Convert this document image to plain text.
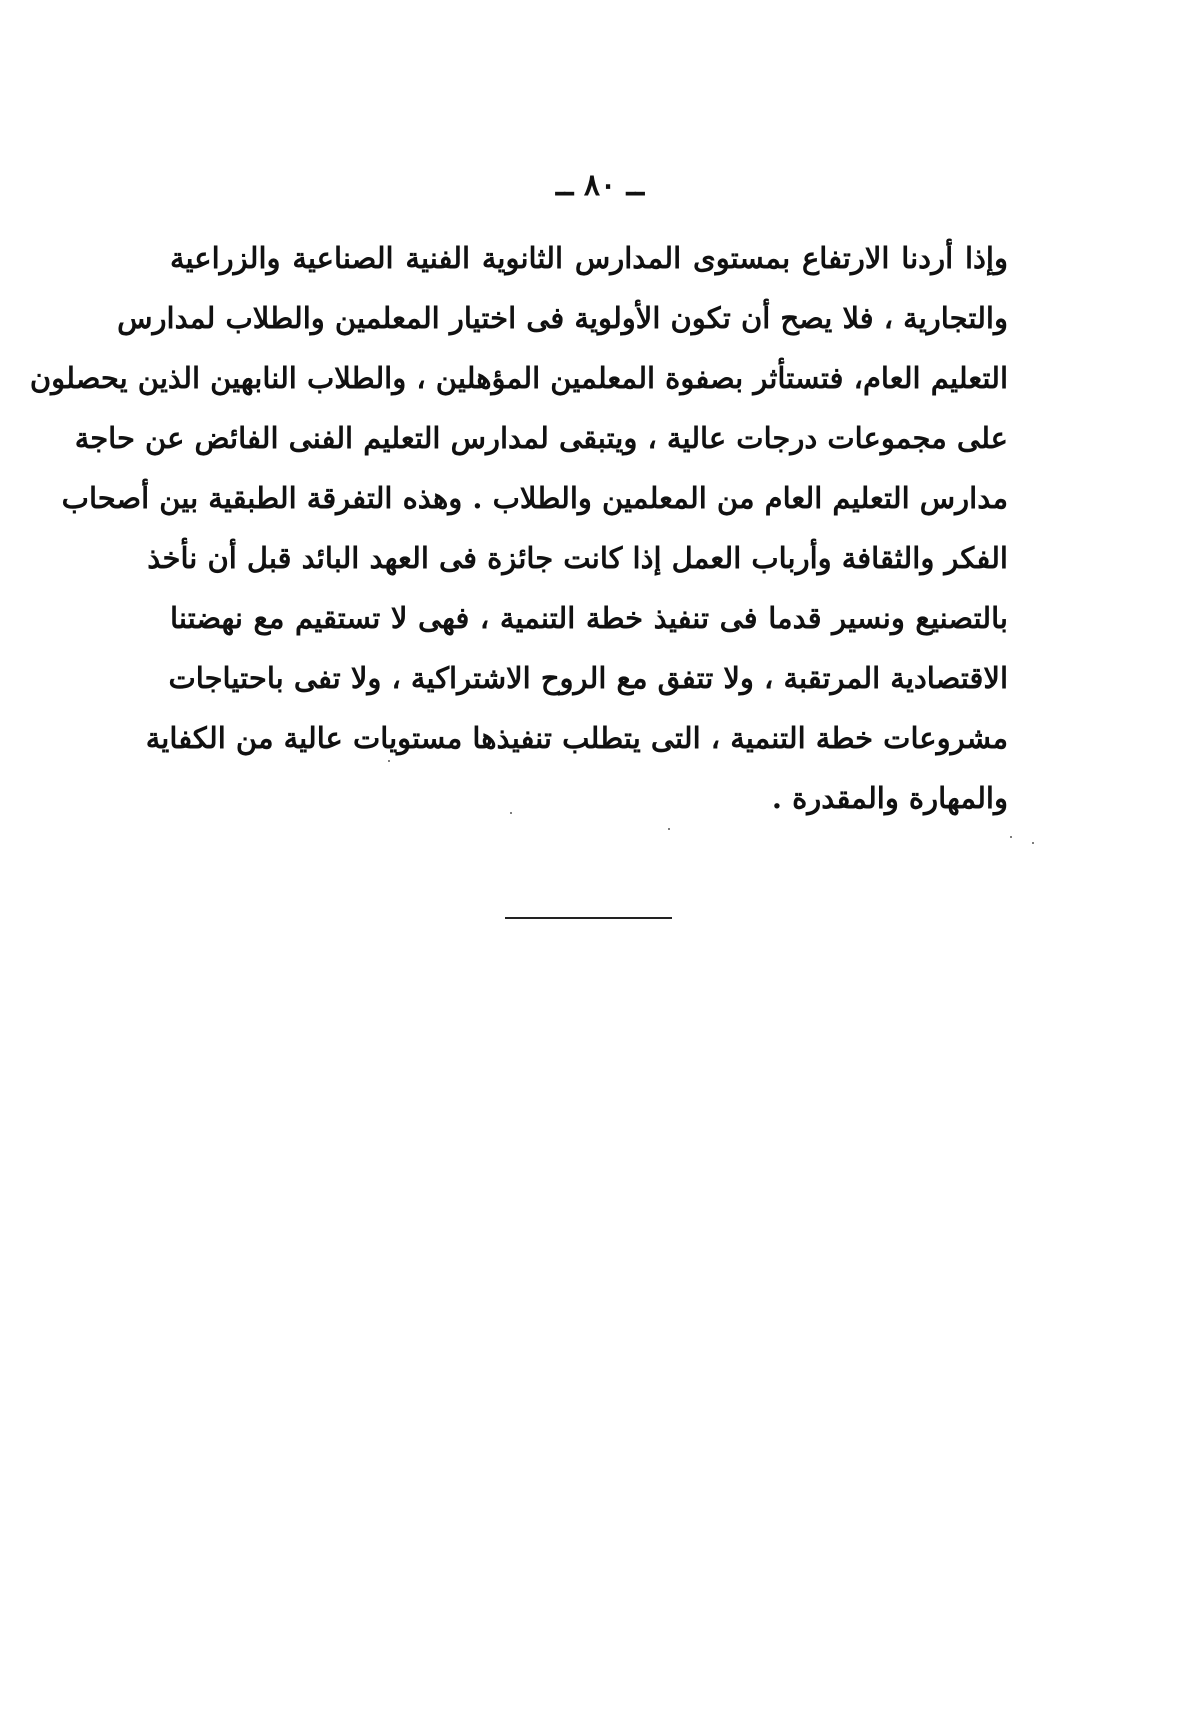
ــ ٨٠ ــ
وإذا أردنا الارتفاع بمستوى المدارس الثانوية الفنية الصناعية والزراعية
والتجارية ، فلا يصح أن تكون الأولوية فى اختيار المعلمين والطلاب لمدارس
التعليم العام، فتستأثر بصفوة المعلمين المؤهلين ، والطلاب النابهين الذين يحصلون
على مجموعات درجات عالية ، ويتبقى لمدارس التعليم الفنى الفائض عن حاجة
مدارس التعليم العام من المعلمين والطلاب . وهذه التفرقة الطبقية بين أصحاب
الفكر والثقافة وأرباب العمل إذا كانت جائزة فى العهد البائد قبل أن نأخذ
بالتصنيع ونسير قدما فى تنفيذ خطة التنمية ، فهى لا تستقيم مع نهضتنا
الاقتصادية المرتقبة ، ولا تتفق مع الروح الاشتراكية ، ولا تفى باحتياجات
مشروعات خطة التنمية ، التى يتطلب تنفيذها مستويات عالية من الكفاية
والمهارة والمقدرة .
